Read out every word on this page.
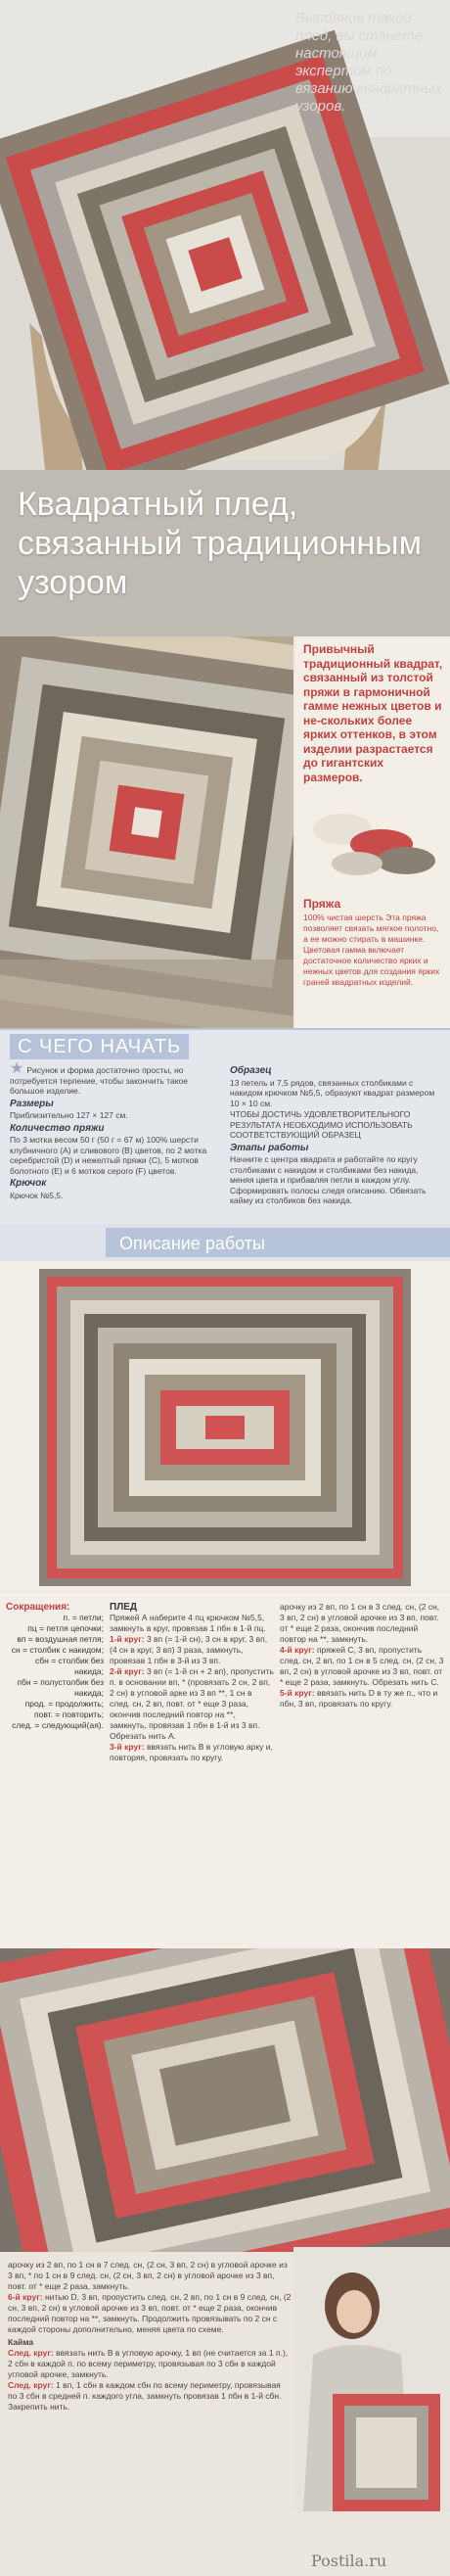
Выполнив такой плед, вы станете настоящим экспертом по вязанию квадратных узоров.
Квадратный плед, связанный традиционным узором
Привычный традиционный квадрат, связанный из толстой пряжи в гармоничной гамме нежных цветов и не-скольких более ярких оттенков, в этом изделии разрастается до гигантских размеров.
Пряжа
100% чистая шерсть Эта пряжа позволяет связать мягкое полотно, а ее можно стирать в машинке. Цветовая гамма включает достаточное количество ярких и нежных цветов для создания ярких граней квадратных изделий.
С ЧЕГО НАЧАТЬ

★ Рисунок и форма достаточно просты, но потребуется терпение, чтобы закончить такое большое изделие.

Размеры

Приблизительно 127 × 127 см.

Количество пряжи

По 3 мотка весом 50 г (50 г = 67 м) 100% шерсти клубничного (A) и сливового (B) цветов, по 2 мотка серебристой (D) и нежелтый пряжи (C), 5 мотков болотного (E) и 6 мотков серого (F) цветов.

Крючок

Крючок №5,5.

Образец

13 петель и 7,5 рядов, связанных столбиками с накидом крючком №5,5, образуют квадрат размером 10 × 10 см.

ЧТОБЫ ДОСТИЧЬ УДОВЛЕТВОРИТЕЛЬНОГО РЕЗУЛЬТАТА НЕОБХОДИМО ИСПОЛЬЗОВАТЬ СООТВЕТСТВУЮЩИЙ ОБРАЗЕЦ

Этапы работы

Начните с центра квадрата и работайте по кругу столбиками с накидом и столбиками без накида, меняя цвета и прибавляя петли в каждом углу. Сформировать полосы следя описанию. Обвязать кайму из столбиков без накида.

Описание работы
Сокращения:
п. = петли;
пц = петля цепочки;
вп = воздушная петля;
сн = столбик с накидом;
сбн = столбик без накида;
пбн = полустолбик без накида;
прод. = продолжить;
повт. = повторить;
след. = следующий(ая).
ПЛЕД

Пряжей А наберите 4 пц крючком №5,5, замкнуть в круг, провязав 1 пбн в 1-й пц.

1-й круг: 3 вп (= 1-й сн), 3 сн в круг, 3 вп, (4 сн в круг, 3 вп) 3 раза, замкнуть, провязав 1 пбн в 3-й из 3 вп.

2-й круг: 3 вп (= 1-й сн + 2 вп), пропустить п. в основании вп, * (провязать 2 сн, 2 вп, 2 сн) в угловой арке из 3 вп **, 1 сн в след. сн, 2 вп, повт. от * еще 3 раза, окончив последний повтор на **, замкнуть, провязав 1 пбн в 1-й из 3 вп. Обрезать нить А.

3-й круг: ввязать нить B в угловую арку и, повторяя, провязать по кругу.

арочку из 2 вп, по 1 сн в 3 след. сн, (2 сн, 3 вп, 2 сн) в угловой арочке из 3 вп, повт. от * еще 2 раза, окончив последний повтор на **, замкнуть.

4-й круг: пряжей C, 3 вп, пропустить след. сн, 2 вп, по 1 сн в 5 след. сн, (2 сн, 3 вп, 2 сн) в угловой арочке из 3 вп, повт. от * еще 2 раза, замкнуть. Обрезать нить C.

5-й круг: ввязать нить D в ту же п., что и пбн, 3 вп, провязать по кругу.

арочку из 2 вп, по 1 сн в 7 след. сн, (2 сн, 3 вп, 2 сн) в угловой арочке из 3 вп, * по 1 сн в 9 след. сн, (2 сн, 3 вп, 2 сн) в угловой арочке из 3 вп, повт. от * еще 2 раза, замкнуть.

6-й круг: нитью D, 3 вп, пропустить след. сн, 2 вп, по 1 сн в 9 след. сн, (2 сн, 3 вп, 2 сн) в угловой арочке из 3 вп, повт. от * еще 2 раза, окончив последний повтор на **, замкнуть. Продолжить провязывать по 2 сн с каждой стороны дополнительно, меняя цвета по схеме.

Кайма

След. круг: ввязать нить B в угловую арочку, 1 вп (не считается за 1 п.), 2 сбн в каждой п. по всему периметру, провязывая по 3 сбн в каждой угловой арочке, замкнуть.

След. круг: 1 вп, 1 сбн в каждом сбн по всему периметру, провязывая по 3 сбн в средней п. каждого угла, замкнуть провязав 1 пбн в 1-й сбн. Закрепить нить.

Postila.ru
